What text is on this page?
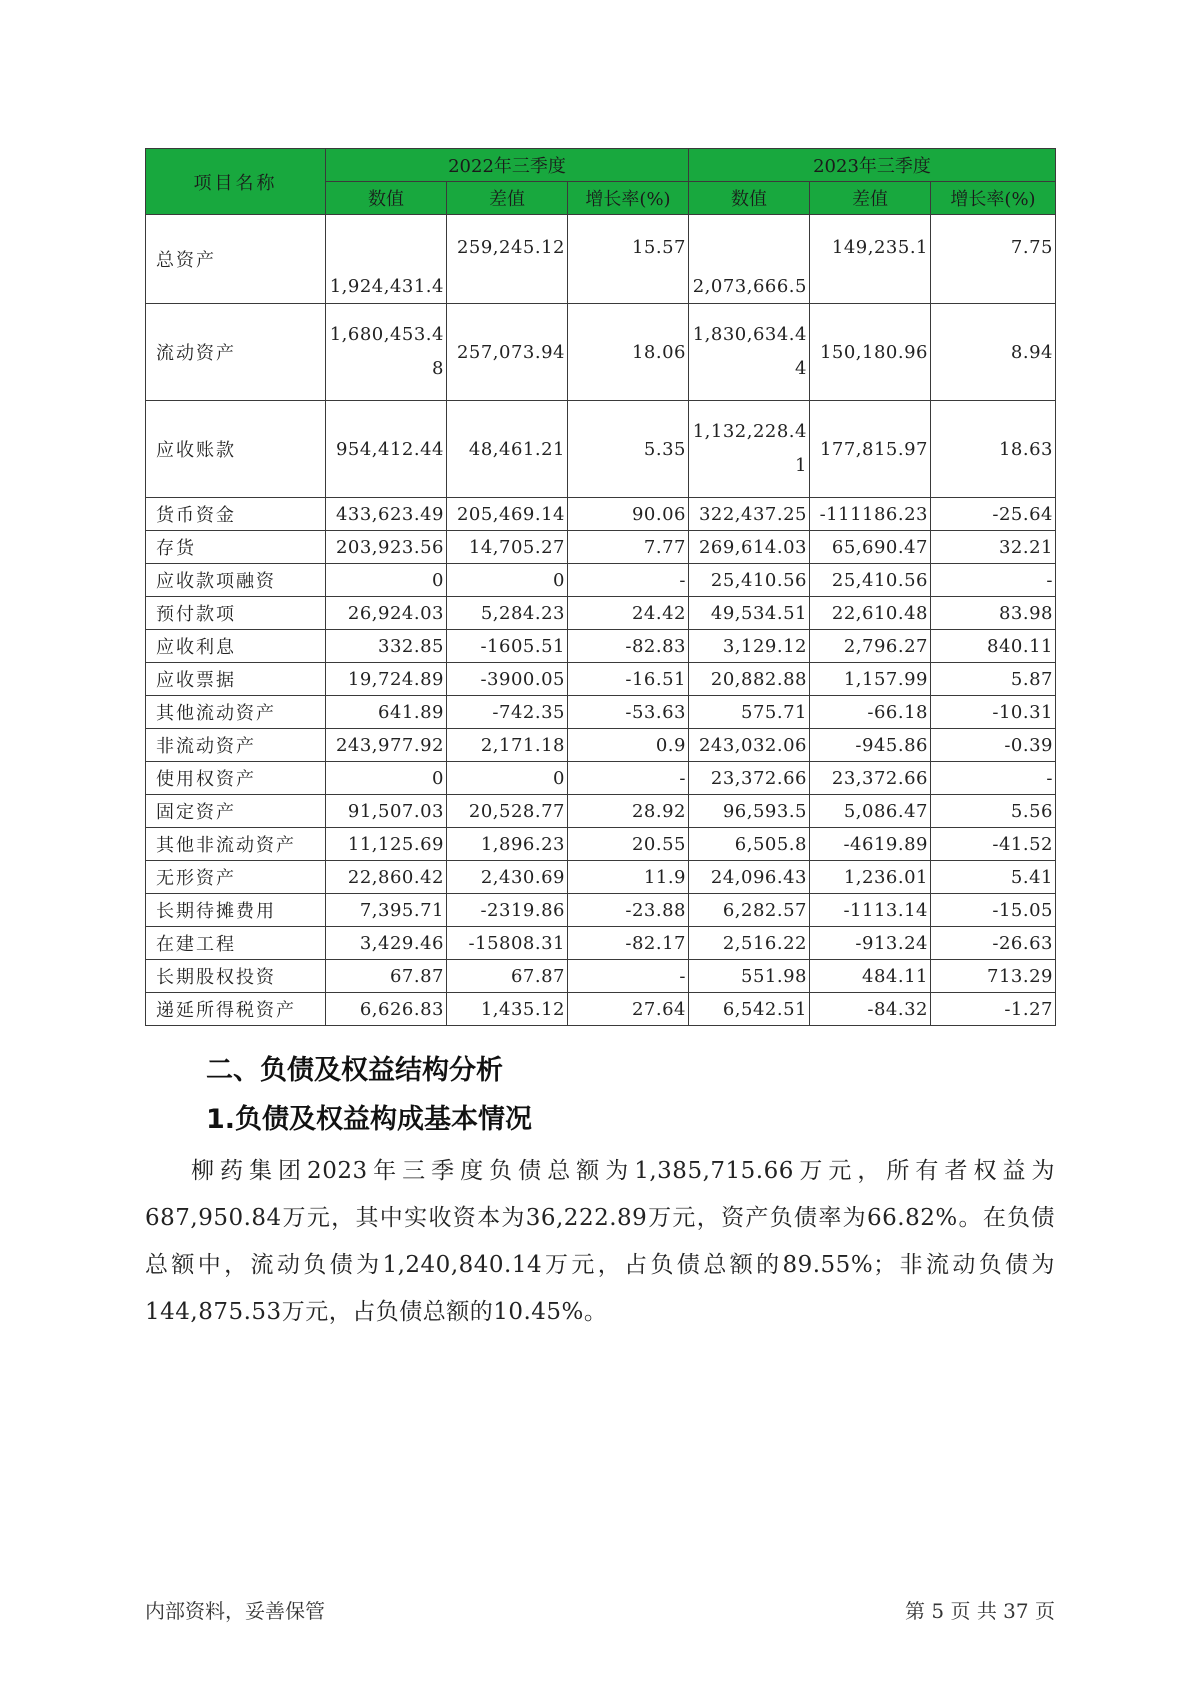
项目名称	2022年三季度			2023年三季度		
	数值	差值	增长率(%)	数值	差值	增长率(%)
总资产	1,924,431.4	259,245.12	15.57	2,073,666.5	149,235.1	7.75
流动资产	1,680,453.48	257,073.94	18.06	1,830,634.44	150,180.96	8.94
应收账款	954,412.44	48,461.21	5.35	1,132,228.41	177,815.97	18.63
货币资金	433,623.49	205,469.14	90.06	322,437.25	-111186.23	-25.64
存货	203,923.56	14,705.27	7.77	269,614.03	65,690.47	32.21
应收款项融资	0	0	-	25,410.56	25,410.56	-
预付款项	26,924.03	5,284.23	24.42	49,534.51	22,610.48	83.98
应收利息	332.85	-1605.51	-82.83	3,129.12	2,796.27	840.11
应收票据	19,724.89	-3900.05	-16.51	20,882.88	1,157.99	5.87
其他流动资产	641.89	-742.35	-53.63	575.71	-66.18	-10.31
非流动资产	243,977.92	2,171.18	0.9	243,032.06	-945.86	-0.39
使用权资产	0	0	-	23,372.66	23,372.66	-
固定资产	91,507.03	20,528.77	28.92	96,593.5	5,086.47	5.56
其他非流动资产	11,125.69	1,896.23	20.55	6,505.8	-4619.89	-41.52
无形资产	22,860.42	2,430.69	11.9	24,096.43	1,236.01	5.41
长期待摊费用	7,395.71	-2319.86	-23.88	6,282.57	-1113.14	-15.05
在建工程	3,429.46	-15808.31	-82.17	2,516.22	-913.24	-26.63
长期股权投资	67.87	67.87	-	551.98	484.11	713.29
递延所得税资产	6,626.83	1,435.12	27.64	6,542.51	-84.32	-1.27
二、负债及权益结构分析
1.负债及权益构成基本情况

柳药集团2023年三季度负债总额为1,385,715.66万元，所有者权益为687,950.84万元，其中实收资本为36,222.89万元，资产负债率为66.82%。在负债总额中，流动负债为1,240,840.14万元，占负债总额的89.55%；非流动负债为144,875.53万元，占负债总额的10.45%。

内部资料，妥善保管	第 5 页 共 37 页
